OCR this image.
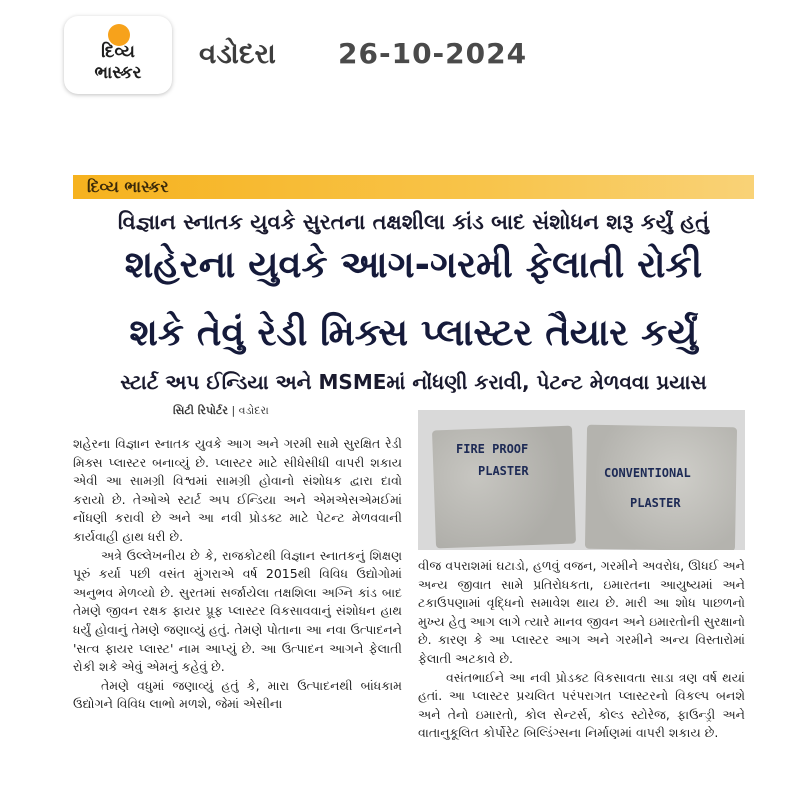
દિવ્ય
ભાસ્કર
વડોદરા 26-10-2024
દિવ્ય ભાસ્કર
વિજ્ઞાન સ્નાતક યુવકે સુરતના તક્ષશીલા કાંડ બાદ સંશોધન શરૂ કર્યું હતું
શહેરના યુવકે આગ-ગરમી ફેલાતી રોકી
શકે તેવું રેડી મિક્સ પ્લાસ્ટર તૈયાર કર્યું
સ્ટાર્ટ અપ ઈન્ડિયા અને MSMEમાં નોંધણી કરાવી, પેટન્ટ મેળવવા પ્રયાસ
સિટી રિપોર્ટર | વડોદરા
FIRE PROOF
PLASTER	CONVENTIONAL
PLASTER

શહેરના વિજ્ઞાન સ્નાતક યુવકે આગ અને ગરમી સામે સુરક્ષિત રેડી મિક્સ પ્લાસ્ટર બનાવ્યું છે. પ્લાસ્ટર માટે સીધેસીધી વાપરી શકાય એવી આ સામગ્રી વિશ્વમાં સામગ્રી હોવાનો સંશોધક દ્વારા દાવો કરાયો છે. તેઓએ સ્ટાર્ટ અપ ઈન્ડિયા અને એમએસએમઈમાં નોંધણી કરાવી છે અને આ નવી પ્રોડક્ટ માટે પેટન્ટ મેળવવાની કાર્યવાહી હાથ ધરી છે.

અત્રે ઉલ્લેખનીય છે કે, રાજકોટથી વિજ્ઞાન સ્નાતકનું શિક્ષણ પૂરું કર્યા પછી વસંત મુંગરાએ વર્ષ 2015થી વિવિધ ઉદ્યોગોમાં અનુભવ મેળવ્યો છે. સુરતમાં સર્જાયેલા તક્ષશિલા અગ્નિ કાંડ બાદ તેમણે જીવન રક્ષક ફાયર પ્રૂફ પ્લાસ્ટર વિકસાવવાનું સંશોધન હાથ ધર્યું હોવાનું તેમણે જણાવ્યું હતું. તેમણે પોતાના આ નવા ઉત્પાદનને 'સત્વ ફાયર પ્લાસ્ટ' નામ આપ્યું છે. આ ઉત્પાદન આગને ફેલાતી રોકી શકે એવું એમનું કહેવું છે.

તેમણે વધુમાં જણાવ્યું હતું કે, મારા ઉત્પાદનથી બાંધકામ ઉદ્યોગને વિવિધ લાભો મળશે, જેમાં એસીના

વીજ વપરાશમાં ઘટાડો, હળવું વજન, ગરમીને અવરોધ, ઊધઈ અને અન્ય જીવાત સામે પ્રતિરોધકતા, ઇમારતના આયુષ્યમાં અને ટકાઉપણામાં વૃદ્ધિનો સમાવેશ થાય છે. મારી આ શોધ પાછળનો મુખ્ય હેતુ આગ લાગે ત્યારે માનવ જીવન અને ઇમારતોની સુરક્ષાનો છે. કારણ કે આ પ્લાસ્ટર આગ અને ગરમીને અન્ય વિસ્તારોમાં ફેલાતી અટકાવે છે.

વસંતભાઈને આ નવી પ્રોડક્ટ વિકસાવતા સાડા ત્રણ વર્ષ થયાં હતાં. આ પ્લાસ્ટર પ્રચલિત પરંપરાગત પ્લાસ્ટરનો વિકલ્પ બનશે અને તેનો ઇમારતો, કોલ સેન્ટર્સ, કોલ્ડ સ્ટોરેજ, ફાઉન્ડ્રી અને વાતાનુકૂલિત કોર્પોરેટ બિલ્ડિંગ્સના નિર્માણમાં વાપરી શકાય છે.
